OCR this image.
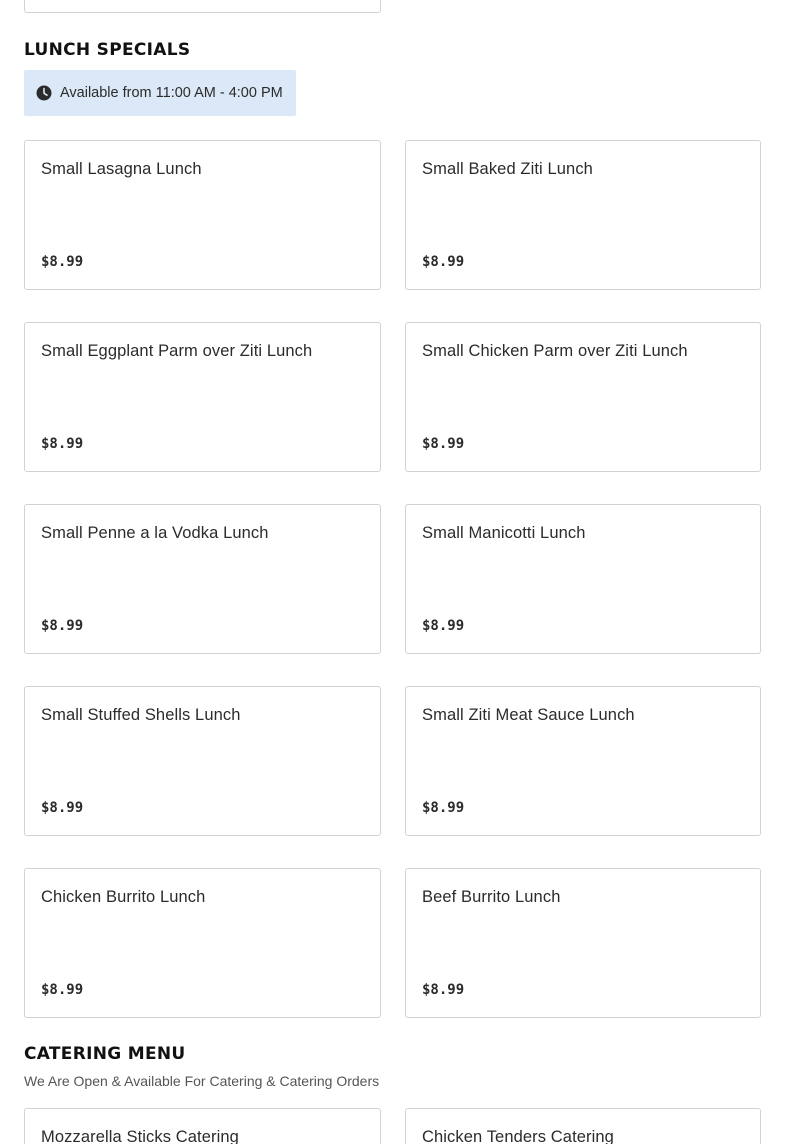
LUNCH SPECIALS
Available from 11:00 AM - 4:00 PM
Small Lasagna Lunch
$8.99
Small Baked Ziti Lunch
$8.99
Small Eggplant Parm over Ziti Lunch
$8.99
Small Chicken Parm over Ziti Lunch
$8.99
Small Penne a la Vodka Lunch
$8.99
Small Manicotti Lunch
$8.99
Small Stuffed Shells Lunch
$8.99
Small Ziti Meat Sauce Lunch
$8.99
Chicken Burrito Lunch
$8.99
Beef Burrito Lunch
$8.99
CATERING MENU
We Are Open & Available For Catering & Catering Orders
Mozzarella Sticks Catering	Chicken Tenders Catering
